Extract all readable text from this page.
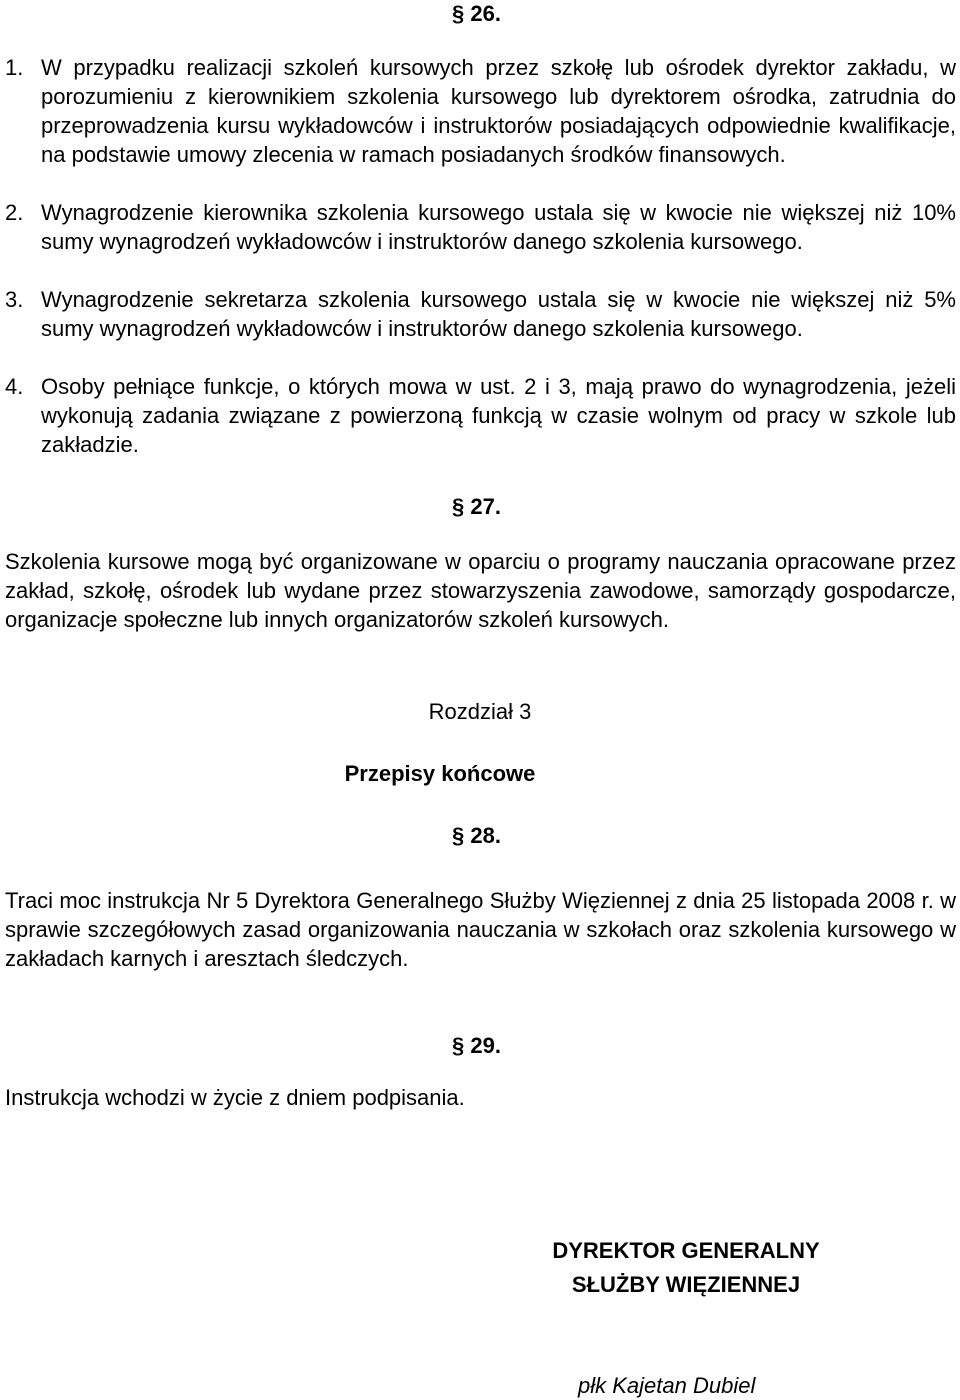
§ 26.
1. W przypadku realizacji szkoleń kursowych przez szkołę lub ośrodek dyrektor zakładu, w porozumieniu z kierownikiem szkolenia kursowego lub dyrektorem ośrodka, zatrudnia do przeprowadzenia kursu wykładowców i instruktorów posiadających odpowiednie kwalifikacje, na podstawie umowy zlecenia w ramach posiadanych środków finansowych.
2. Wynagrodzenie kierownika szkolenia kursowego ustala się w kwocie nie większej niż 10% sumy wynagrodzeń wykładowców i instruktorów danego szkolenia kursowego.
3. Wynagrodzenie sekretarza szkolenia kursowego ustala się w kwocie nie większej niż 5% sumy wynagrodzeń wykładowców i instruktorów danego szkolenia kursowego.
4. Osoby pełniące funkcje, o których mowa w ust. 2 i 3, mają prawo do wynagrodzenia, jeżeli wykonują zadania związane z powierzoną funkcją w czasie wolnym od pracy w szkole lub zakładzie.
§ 27.
Szkolenia kursowe mogą być organizowane w oparciu o programy nauczania opracowane przez zakład, szkołę, ośrodek lub wydane przez stowarzyszenia zawodowe, samorządy gospodarcze, organizacje społeczne lub innych organizatorów szkoleń kursowych.
Rozdział 3
Przepisy końcowe
§ 28.
Traci moc instrukcja Nr 5 Dyrektora Generalnego Służby Więziennej z dnia 25 listopada 2008 r. w sprawie szczegółowych zasad organizowania nauczania w szkołach oraz szkolenia kursowego w zakładach karnych i aresztach śledczych.
§ 29.
Instrukcja wchodzi w życie z dniem podpisania.
DYREKTOR GENERALNY
SŁUŻBY WIĘZIENNEJ
płk Kajetan Dubiel
